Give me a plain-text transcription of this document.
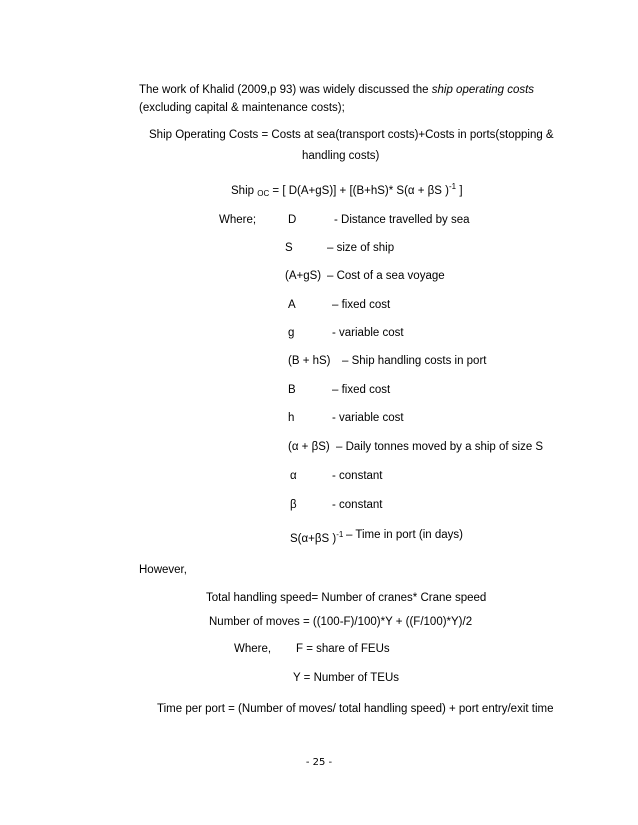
The work of Khalid (2009,p 93) was widely discussed the ship operating costs
(excluding capital & maintenance costs);
Ship Operating Costs = Costs at sea(transport costs)+Costs in ports(stopping &
handling costs)
Ship $_{OC}$ = [ D(A+gS)] + [(B+hS)* S(α + βS )$^{-1}$ ]
Where;	D	- Distance travelled by sea
S	– size of ship
(A+gS) – Cost of a sea voyage
A	– fixed cost
g	- variable cost
(B + hS) – Ship handling costs in port
B	– fixed cost
h	- variable cost
(α + βS) – Daily tonnes moved by a ship of size S
α	- constant
β	- constant
S(α+βS )$^{-1}$ – Time in port (in days)
However,
Total handling speed= Number of cranes* Crane speed
Number of moves = ((100-F)/100)*Y + ((F/100)*Y)/2
Where, F = share of FEUs
Y = Number of TEUs
Time per port = (Number of moves/ total handling speed) + port entry/exit time
- 25 -
